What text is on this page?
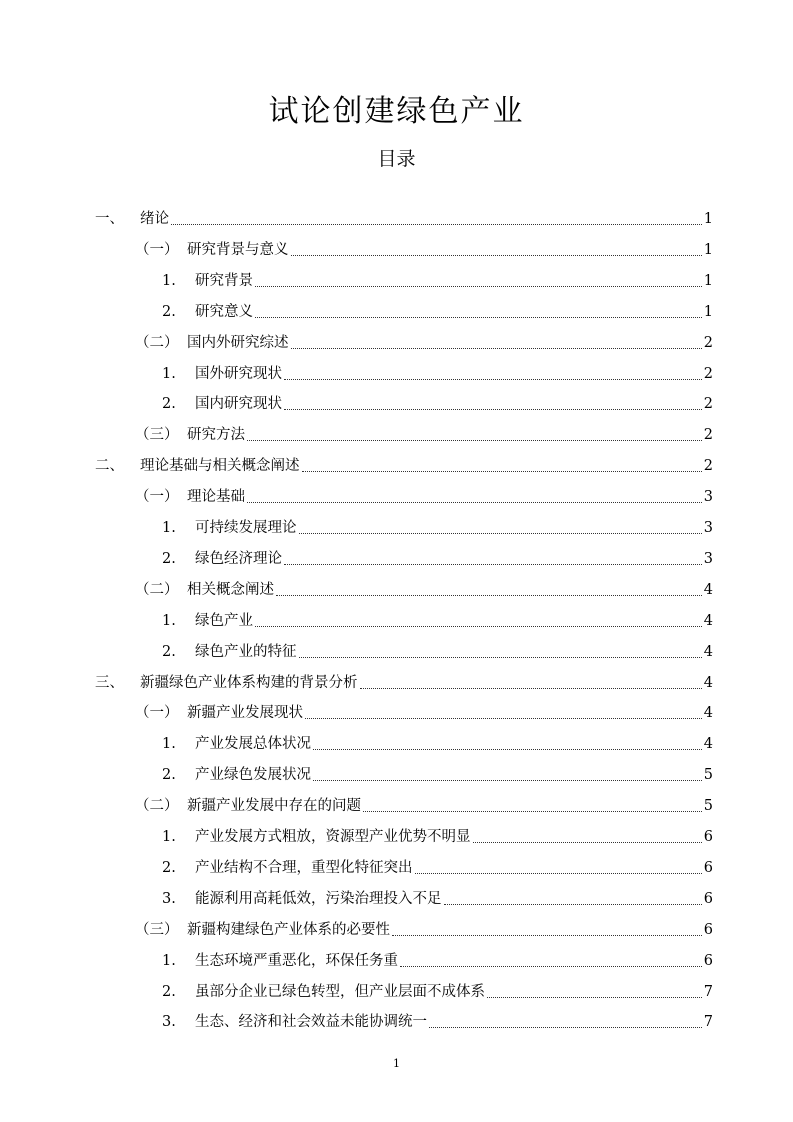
试论创建绿色产业
目录
一、	绪论	1
（一） 研究背景与意义	1
1.	研究背景	1
2.	研究意义	1
（二） 国内外研究综述	2
1.	国外研究现状	2
2.	国内研究现状	2
（三） 研究方法	2
二、	理论基础与相关概念阐述	2
（一） 理论基础	3
1.	可持续发展理论	3
2.	绿色经济理论	3
（二） 相关概念阐述	4
1.	绿色产业	4
2.	绿色产业的特征	4
三、	新疆绿色产业体系构建的背景分析	4
（一） 新疆产业发展现状	4
1.	产业发展总体状况	4
2.	产业绿色发展状况	5
（二） 新疆产业发展中存在的问题	5
1.	产业发展方式粗放，资源型产业优势不明显	6
2.	产业结构不合理，重型化特征突出	6
3.	能源利用高耗低效，污染治理投入不足	6
（三） 新疆构建绿色产业体系的必要性	6
1.	生态环境严重恶化，环保任务重	6
2.	虽部分企业已绿色转型，但产业层面不成体系	7
3.	生态、经济和社会效益未能协调统一	7
1
